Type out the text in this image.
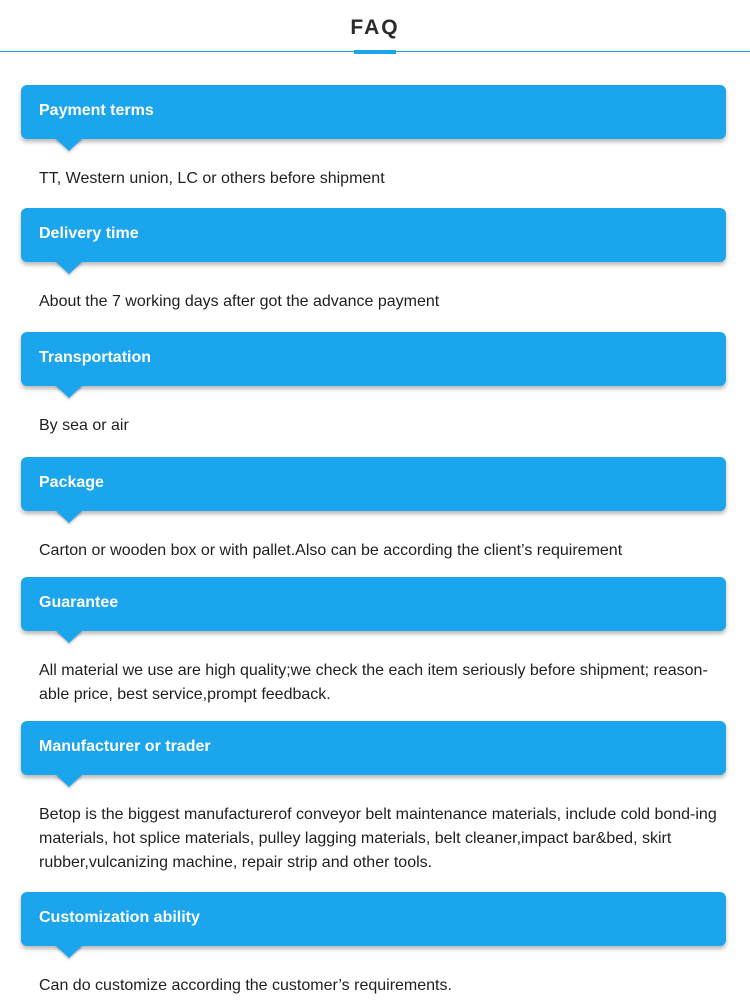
FAQ
Payment terms
TT, Western union, LC or others before shipment
Delivery time
About the 7 working days after got the advance payment
Transportation
By sea or air
Package
Carton or wooden box or with pallet.Also can be according the client’s requirement
Guarantee
All material we use are high quality;we check the each item seriously before shipment; reason-able price, best service,prompt feedback.
Manufacturer or trader
Betop is the biggest manufacturerof conveyor belt maintenance materials, include cold bond-ing materials, hot splice materials, pulley lagging materials, belt cleaner,impact bar&bed, skirt rubber,vulcanizing machine, repair strip and other tools.
Customization ability
Can do customize according the customer’s requirements.
